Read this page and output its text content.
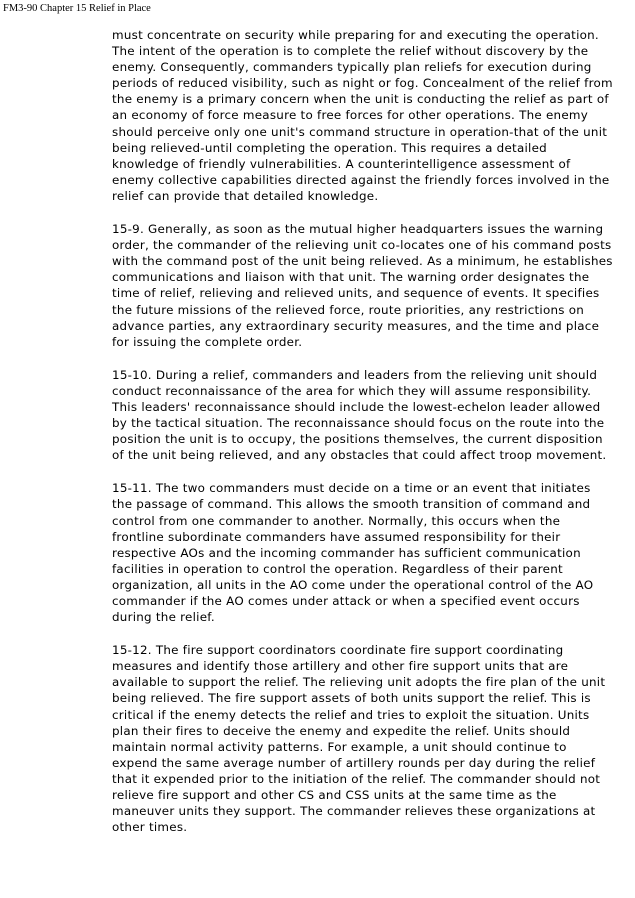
FM3-90 Chapter 15 Relief in Place

must concentrate on security while preparing for and executing the operation. The intent of the operation is to complete the relief without discovery by the enemy. Consequently, commanders typically plan reliefs for execution during periods of reduced visibility, such as night or fog. Concealment of the relief from the enemy is a primary concern when the unit is conducting the relief as part of an economy of force measure to free forces for other operations. The enemy should perceive only one unit's command structure in operation-that of the unit being relieved-until completing the operation. This requires a detailed knowledge of friendly vulnerabilities. A counterintelligence assessment of enemy collective capabilities directed against the friendly forces involved in the relief can provide that detailed knowledge.

15-9. Generally, as soon as the mutual higher headquarters issues the warning order, the commander of the relieving unit co-locates one of his command posts with the command post of the unit being relieved. As a minimum, he establishes communications and liaison with that unit. The warning order designates the time of relief, relieving and relieved units, and sequence of events. It specifies the future missions of the relieved force, route priorities, any restrictions on advance parties, any extraordinary security measures, and the time and place for issuing the complete order.

15-10. During a relief, commanders and leaders from the relieving unit should conduct reconnaissance of the area for which they will assume responsibility. This leaders' reconnaissance should include the lowest-echelon leader allowed by the tactical situation. The reconnaissance should focus on the route into the position the unit is to occupy, the positions themselves, the current disposition of the unit being relieved, and any obstacles that could affect troop movement.

15-11. The two commanders must decide on a time or an event that initiates the passage of command. This allows the smooth transition of command and control from one commander to another. Normally, this occurs when the frontline subordinate commanders have assumed responsibility for their respective AOs and the incoming commander has sufficient communication facilities in operation to control the operation. Regardless of their parent organization, all units in the AO come under the operational control of the AO commander if the AO comes under attack or when a specified event occurs during the relief.

15-12. The fire support coordinators coordinate fire support coordinating measures and identify those artillery and other fire support units that are available to support the relief. The relieving unit adopts the fire plan of the unit being relieved. The fire support assets of both units support the relief. This is critical if the enemy detects the relief and tries to exploit the situation. Units plan their fires to deceive the enemy and expedite the relief. Units should maintain normal activity patterns. For example, a unit should continue to expend the same average number of artillery rounds per day during the relief that it expended prior to the initiation of the relief. The commander should not relieve fire support and other CS and CSS units at the same time as the maneuver units they support. The commander relieves these organizations at other times.
